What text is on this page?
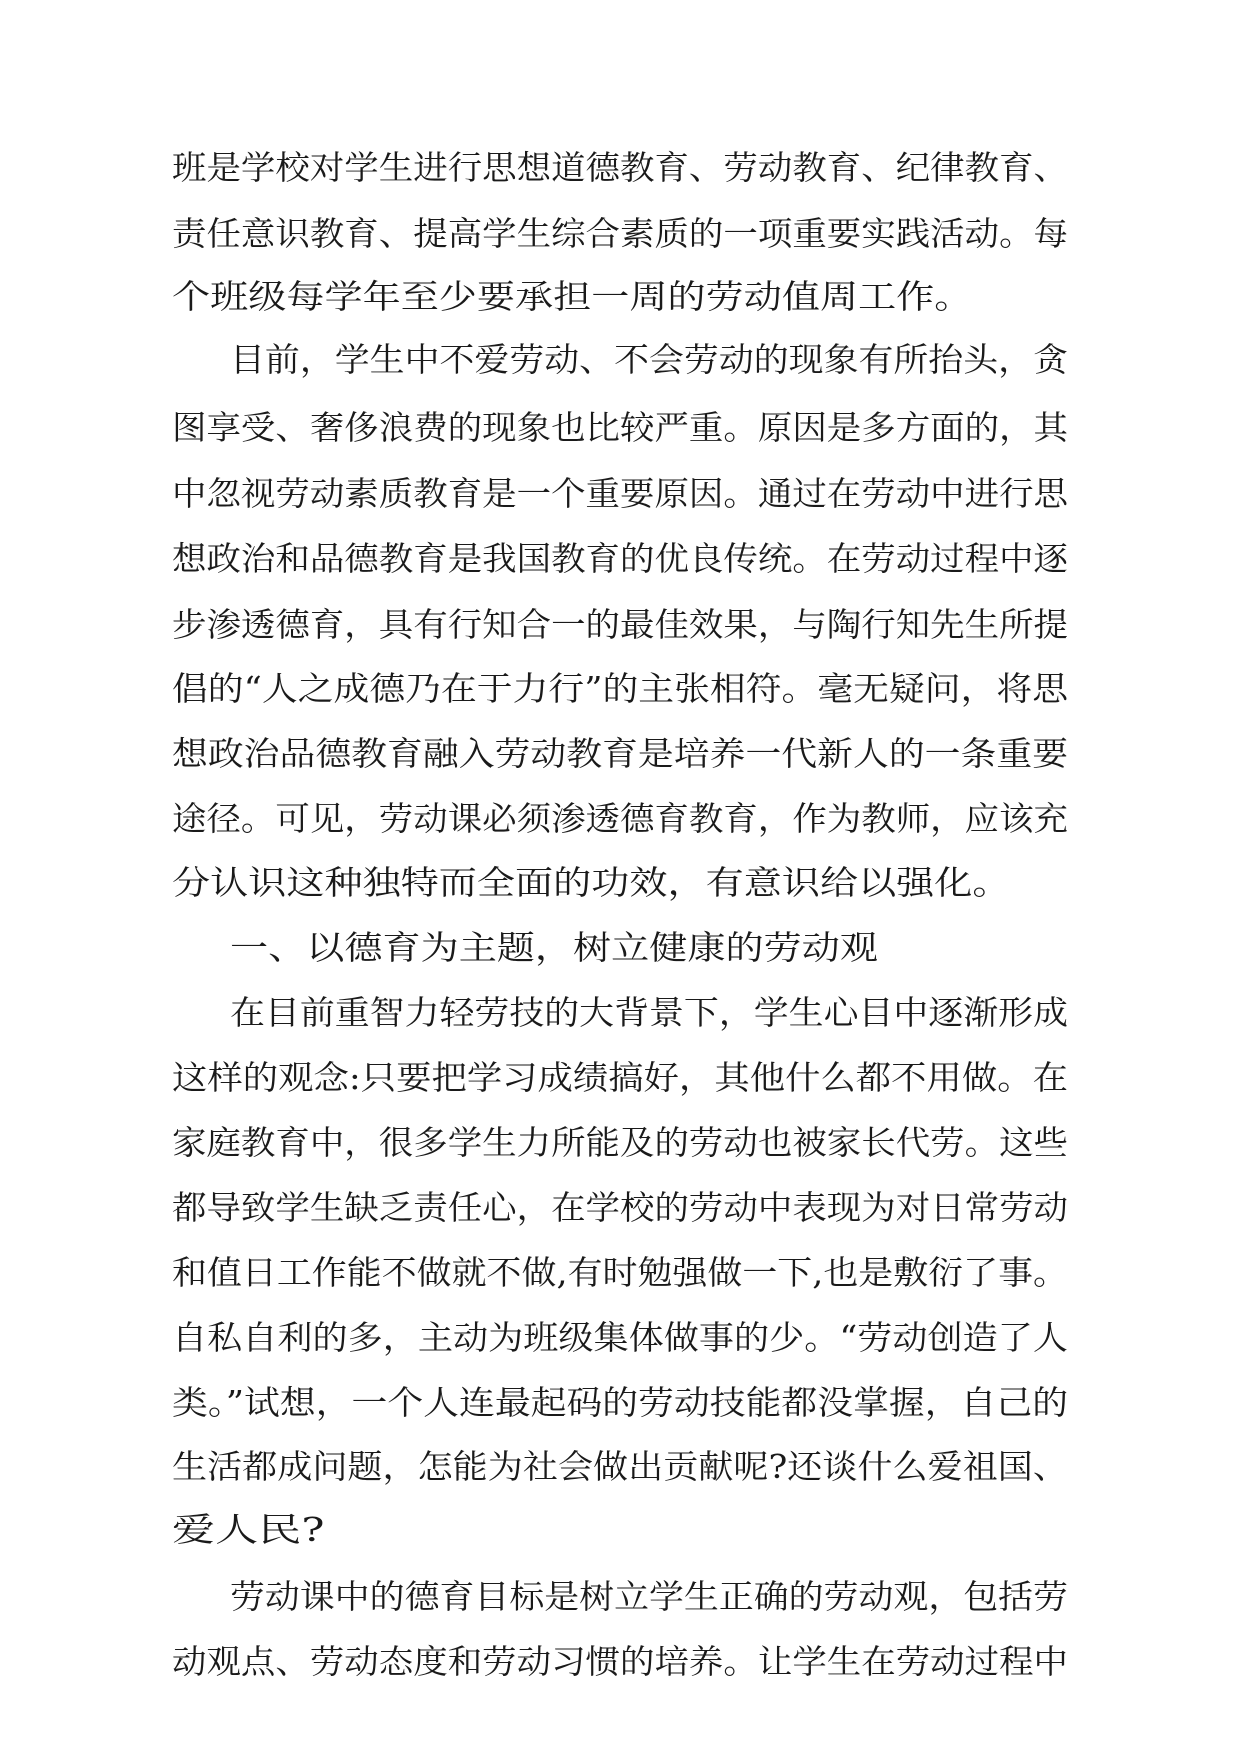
班是学校对学生进行思想道德教育、劳动教育、纪律教育、
责任意识教育、提高学生综合素质的一项重要实践活动。每
个班级每学年至少要承担一周的劳动值周工作。
目前，学生中不爱劳动、不会劳动的现象有所抬头，贪
图享受、奢侈浪费的现象也比较严重。原因是多方面的，其
中忽视劳动素质教育是一个重要原因。通过在劳动中进行思
想政治和品德教育是我国教育的优良传统。在劳动过程中逐
步渗透德育，具有行知合一的最佳效果，与陶行知先生所提
倡的“人之成德乃在于力行”的主张相符。毫无疑问，将思
想政治品德教育融入劳动教育是培养一代新人的一条重要
途径。可见，劳动课必须渗透德育教育，作为教师，应该充
分认识这种独特而全面的功效，有意识给以强化。
一、以德育为主题，树立健康的劳动观
在目前重智力轻劳技的大背景下，学生心目中逐渐形成
这样的观念:只要把学习成绩搞好，其他什么都不用做。在
家庭教育中，很多学生力所能及的劳动也被家长代劳。这些
都导致学生缺乏责任心，在学校的劳动中表现为对日常劳动
和值日工作能不做就不做,有时勉强做一下,也是敷衍了事。
自私自利的多，主动为班级集体做事的少。“劳动创造了人
类。”试想，一个人连最起码的劳动技能都没掌握，自己的
生活都成问题，怎能为社会做出贡献呢?还谈什么爱祖国、
爱人民?
劳动课中的德育目标是树立学生正确的劳动观，包括劳
动观点、劳动态度和劳动习惯的培养。让学生在劳动过程中
